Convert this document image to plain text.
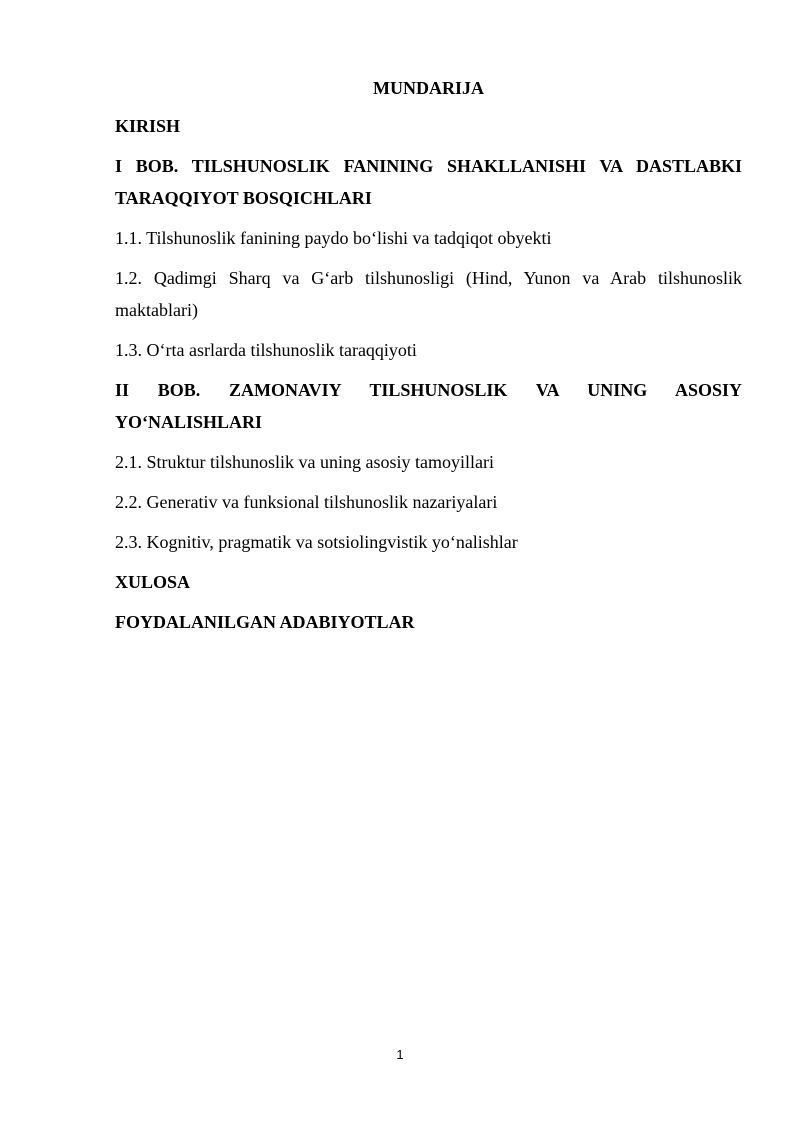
MUNDARIJA
KIRISH
I BOB. TILSHUNOSLIK FANINING SHAKLLANISHI VA DASTLABKI TARAQQIYOT BOSQICHLARI
1.1. Tilshunoslik fanining paydo bo‘lishi va tadqiqot obyekti
1.2. Qadimgi Sharq va G‘arb tilshunosligi (Hind, Yunon va Arab tilshunoslik maktablari)
1.3. O‘rta asrlarda tilshunoslik taraqqiyoti
II BOB. ZAMONAVIY TILSHUNOSLIK VA UNING ASOSIY YO‘NALISHLARI
2.1. Struktur tilshunoslik va uning asosiy tamoyillari
2.2. Generativ va funksional tilshunoslik nazariyalari
2.3. Kognitiv, pragmatik va sotsiolingvistik yo‘nalishlar
XULOSA
FOYDALANILGAN ADABIYOTLAR
1
